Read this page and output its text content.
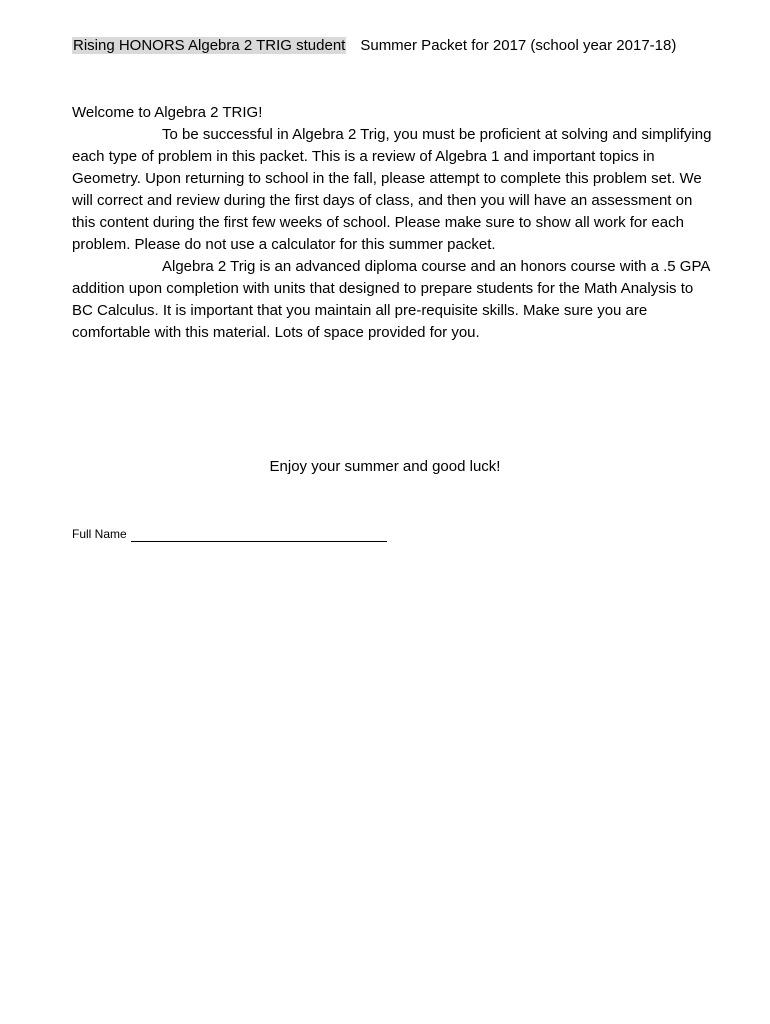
Rising HONORS Algebra 2 TRIG student Summer Packet for 2017 (school year 2017-18)

Welcome to Algebra 2 TRIG!

To be successful in Algebra 2 Trig, you must be proficient at solving and simplifying each type of problem in this packet. This is a review of Algebra 1 and important topics in Geometry. Upon returning to school in the fall, please attempt to complete this problem set. We will correct and review during the first days of class, and then you will have an assessment on this content during the first few weeks of school. Please make sure to show all work for each problem. Please do not use a calculator for this summer packet.

Algebra 2 Trig is an advanced diploma course and an honors course with a .5 GPA addition upon completion with units that designed to prepare students for the Math Analysis to BC Calculus. It is important that you maintain all pre-requisite skills. Make sure you are comfortable with this material. Lots of space provided for you.

Enjoy your summer and good luck!
Full Name
